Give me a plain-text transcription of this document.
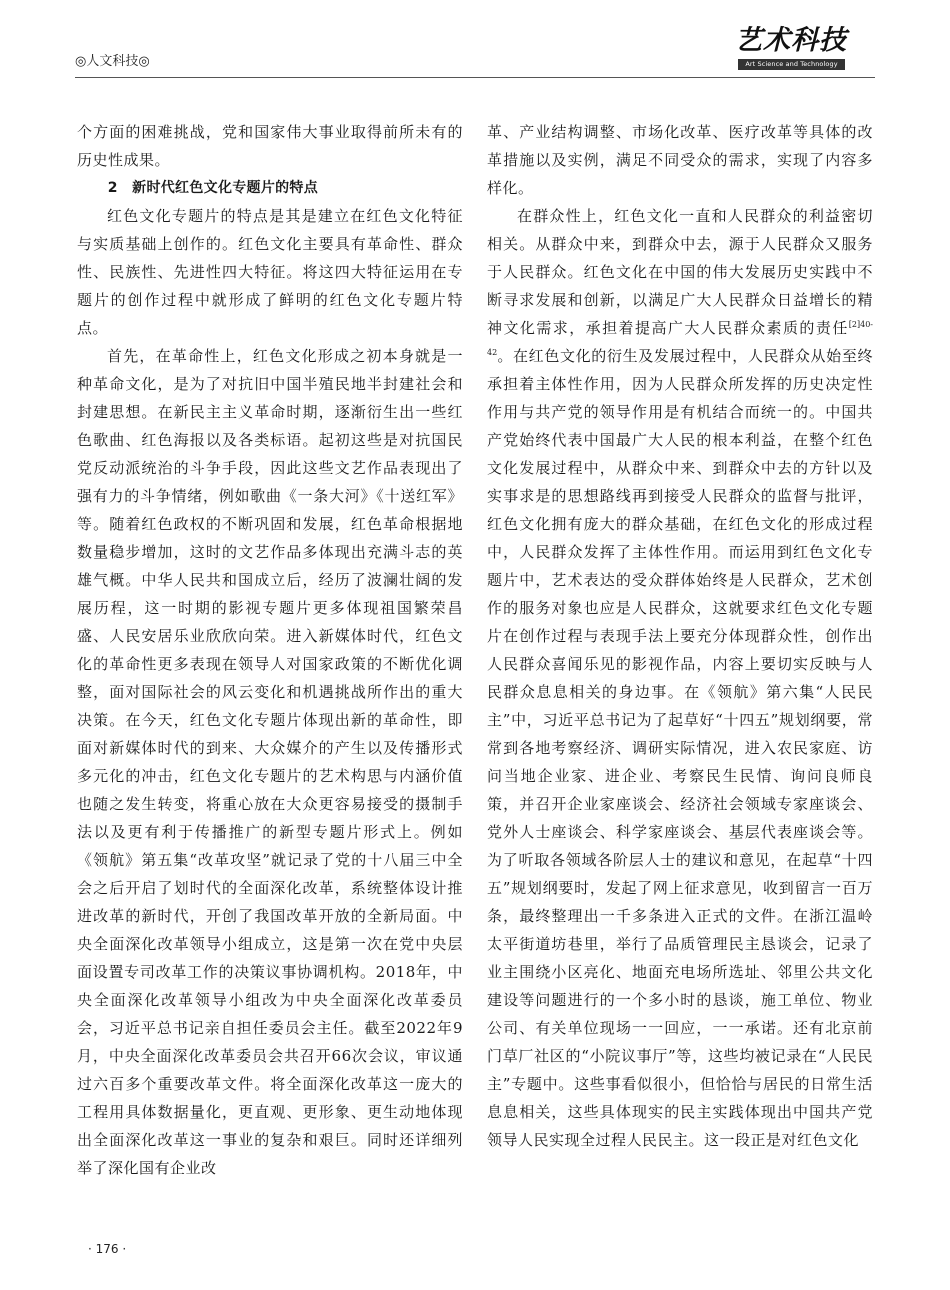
◎人文科技◎
艺术科技
Art Science and Technology

个方面的困难挑战，党和国家伟大事业取得前所未有的历史性成果。

2　新时代红色文化专题片的特点

红色文化专题片的特点是其是建立在红色文化特征与实质基础上创作的。红色文化主要具有革命性、群众性、民族性、先进性四大特征。将这四大特征运用在专题片的创作过程中就形成了鲜明的红色文化专题片特点。

首先，在革命性上，红色文化形成之初本身就是一种革命文化，是为了对抗旧中国半殖民地半封建社会和封建思想。在新民主主义革命时期，逐渐衍生出一些红色歌曲、红色海报以及各类标语。起初这些是对抗国民党反动派统治的斗争手段，因此这些文艺作品表现出了强有力的斗争情绪，例如歌曲《一条大河》《十送红军》等。随着红色政权的不断巩固和发展，红色革命根据地数量稳步增加，这时的文艺作品多体现出充满斗志的英雄气概。中华人民共和国成立后，经历了波澜壮阔的发展历程，这一时期的影视专题片更多体现祖国繁荣昌盛、人民安居乐业欣欣向荣。进入新媒体时代，红色文化的革命性更多表现在领导人对国家政策的不断优化调整，面对国际社会的风云变化和机遇挑战所作出的重大决策。在今天，红色文化专题片体现出新的革命性，即面对新媒体时代的到来、大众媒介的产生以及传播形式多元化的冲击，红色文化专题片的艺术构思与内涵价值也随之发生转变，将重心放在大众更容易接受的摄制手法以及更有利于传播推广的新型专题片形式上。例如《领航》第五集“改革攻坚”就记录了党的十八届三中全会之后开启了划时代的全面深化改革，系统整体设计推进改革的新时代，开创了我国改革开放的全新局面。中央全面深化改革领导小组成立，这是第一次在党中央层面设置专司改革工作的决策议事协调机构。2018年，中央全面深化改革领导小组改为中央全面深化改革委员会，习近平总书记亲自担任委员会主任。截至2022年9月，中央全面深化改革委员会共召开66次会议，审议通过六百多个重要改革文件。将全面深化改革这一庞大的工程用具体数据量化，更直观、更形象、更生动地体现出全面深化改革这一事业的复杂和艰巨。同时还详细列举了深化国有企业改

革、产业结构调整、市场化改革、医疗改革等具体的改革措施以及实例，满足不同受众的需求，实现了内容多样化。

在群众性上，红色文化一直和人民群众的利益密切相关。从群众中来，到群众中去，源于人民群众又服务于人民群众。红色文化在中国的伟大发展历史实践中不断寻求发展和创新，以满足广大人民群众日益增长的精神文化需求，承担着提高广大人民群众素质的责任$^{[2]40-42}$。在红色文化的衍生及发展过程中，人民群众从始至终承担着主体性作用，因为人民群众所发挥的历史决定性作用与共产党的领导作用是有机结合而统一的。中国共产党始终代表中国最广大人民的根本利益，在整个红色文化发展过程中，从群众中来、到群众中去的方针以及实事求是的思想路线再到接受人民群众的监督与批评，红色文化拥有庞大的群众基础，在红色文化的形成过程中，人民群众发挥了主体性作用。而运用到红色文化专题片中，艺术表达的受众群体始终是人民群众，艺术创作的服务对象也应是人民群众，这就要求红色文化专题片在创作过程与表现手法上要充分体现群众性，创作出人民群众喜闻乐见的影视作品，内容上要切实反映与人民群众息息相关的身边事。在《领航》第六集“人民民主”中，习近平总书记为了起草好“十四五”规划纲要，常常到各地考察经济、调研实际情况，进入农民家庭、访问当地企业家、进企业、考察民生民情、询问良师良策，并召开企业家座谈会、经济社会领域专家座谈会、党外人士座谈会、科学家座谈会、基层代表座谈会等。为了听取各领域各阶层人士的建议和意见，在起草“十四五”规划纲要时，发起了网上征求意见，收到留言一百万条，最终整理出一千多条进入正式的文件。在浙江温岭太平街道坊巷里，举行了品质管理民主恳谈会，记录了业主围绕小区亮化、地面充电场所选址、邻里公共文化建设等问题进行的一个多小时的恳谈，施工单位、物业公司、有关单位现场一一回应，一一承诺。还有北京前门草厂社区的“小院议事厅”等，这些均被记录在“人民民主”专题中。这些事看似很小，但恰恰与居民的日常生活息息相关，这些具体现实的民主实践体现出中国共产党领导人民实现全过程人民民主。这一段正是对红色文化

· 176 ·
